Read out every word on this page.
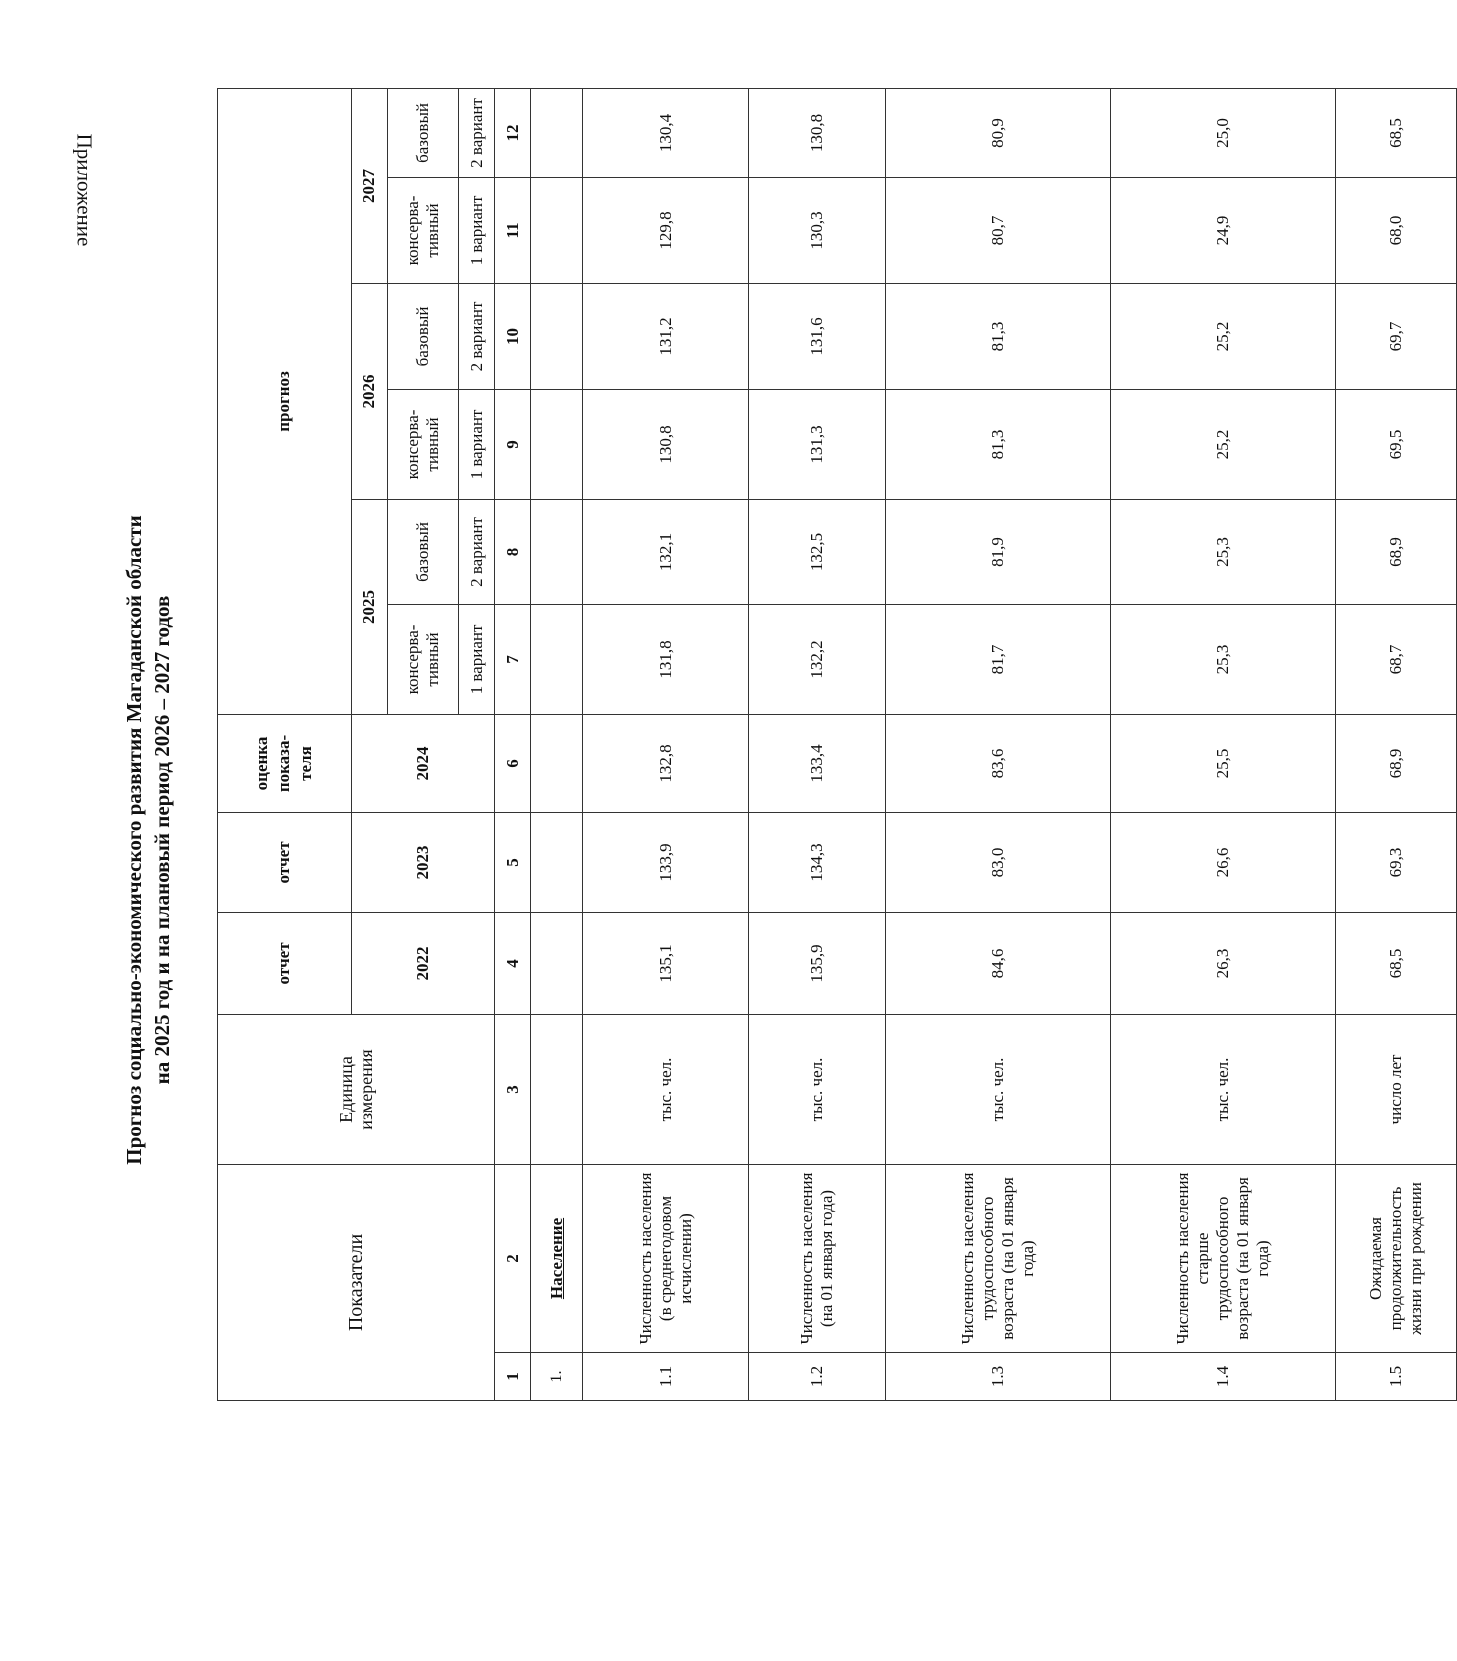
Приложение
Прогноз социально-экономического развития Магаданской области на 2025 год и на плановый период 2026 – 2027 годов
Показатели		Единица измерения	отчет	отчет	оценка показа-теля	прогноз					
			2022	2023	2024	2025		2026		2027	
						консерва-тивный	базовый	консерва-тивный	базовый	консерва-тивный	базовый
						1 вариант	2 вариант	1 вариант	2 вариант	1 вариант	2 вариант
1	2	3	4	5	6	7	8	9	10	11	12
1.	Население										
1.1	Численность населения (в среднегодовом исчислении)	тыс. чел.	135,1	133,9	132,8	131,8	132,1	130,8	131,2	129,8	130,4
1.2	Численность населения (на 01 января года)	тыс. чел.	135,9	134,3	133,4	132,2	132,5	131,3	131,6	130,3	130,8
1.3	Численность населения трудоспособного возраста (на 01 января года)	тыс. чел.	84,6	83,0	83,6	81,7	81,9	81,3	81,3	80,7	80,9
1.4	Численность населения старше трудоспособного возраста (на 01 января года)	тыс. чел.	26,3	26,6	25,5	25,3	25,3	25,2	25,2	24,9	25,0
1.5	Ожидаемая продолжительность жизни при рождении	число лет	68,5	69,3	68,9	68,7	68,9	69,5	69,7	68,0	68,5
